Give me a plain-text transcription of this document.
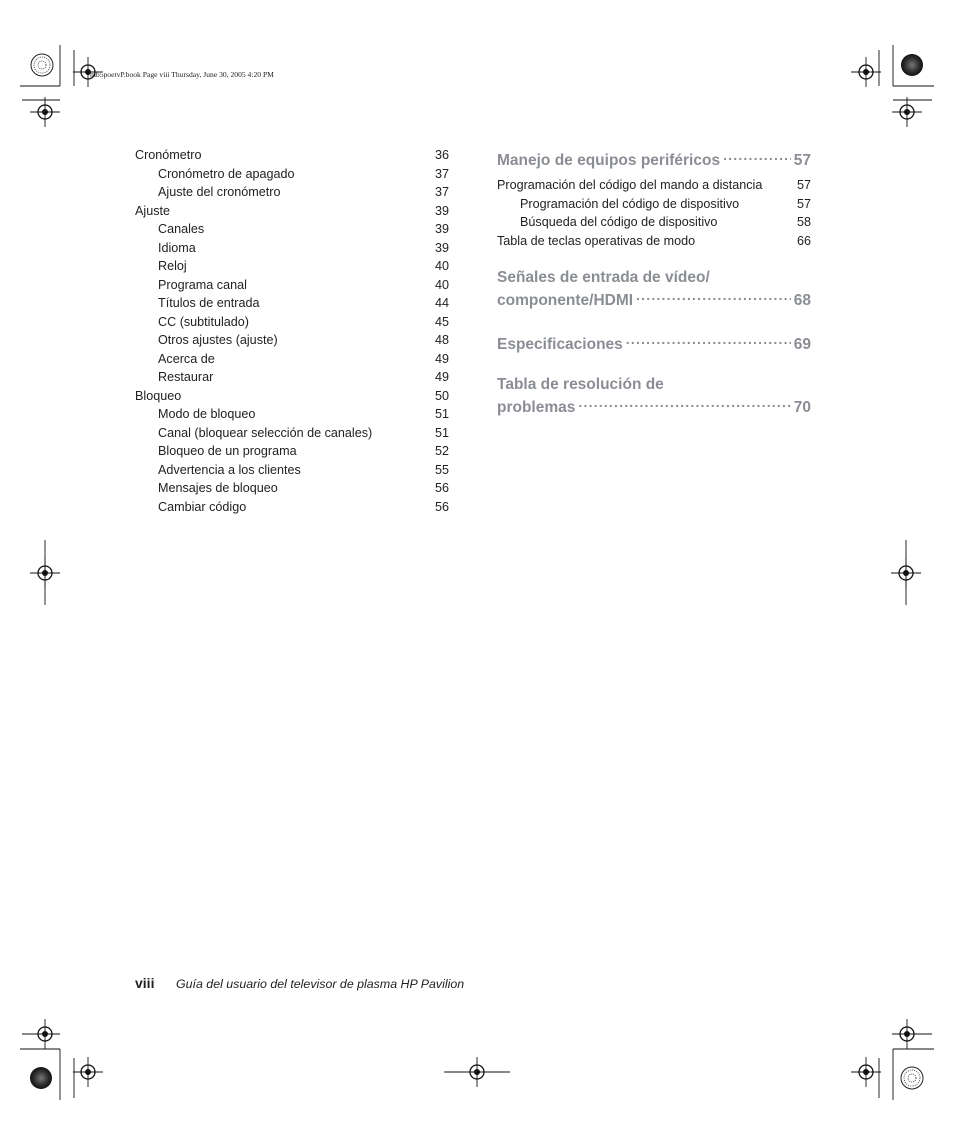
mb5poetvP.book Page viii Thursday, June 30, 2005 4:20 PM
Cronómetro	36
Cronómetro de apagado	37
Ajuste del cronómetro	37
Ajuste	39
Canales	39
Idioma	39
Reloj	40
Programa canal	40
Títulos de entrada	44
CC (subtitulado)	45
Otros ajustes (ajuste)	48
Acerca de	49
Restaurar	49
Bloqueo	50
Modo de bloqueo	51
Canal (bloquear selección de canales)	51
Bloqueo de un programa	52
Advertencia a los clientes	55
Mensajes de bloqueo	56
Cambiar código	56
Manejo de equipos periféricos .....	57
Programación del código del mando a distancia	57
Programación del código de dispositivo	57
Búsqueda del código de dispositivo	58
Tabla de teclas operativas de modo	66
Señales de entrada de vídeo/
componente/HDMI .....	68
Especificaciones .....	69
Tabla de resolución de
problemas .....	70
viii Guía del usuario del televisor de plasma HP Pavilion
